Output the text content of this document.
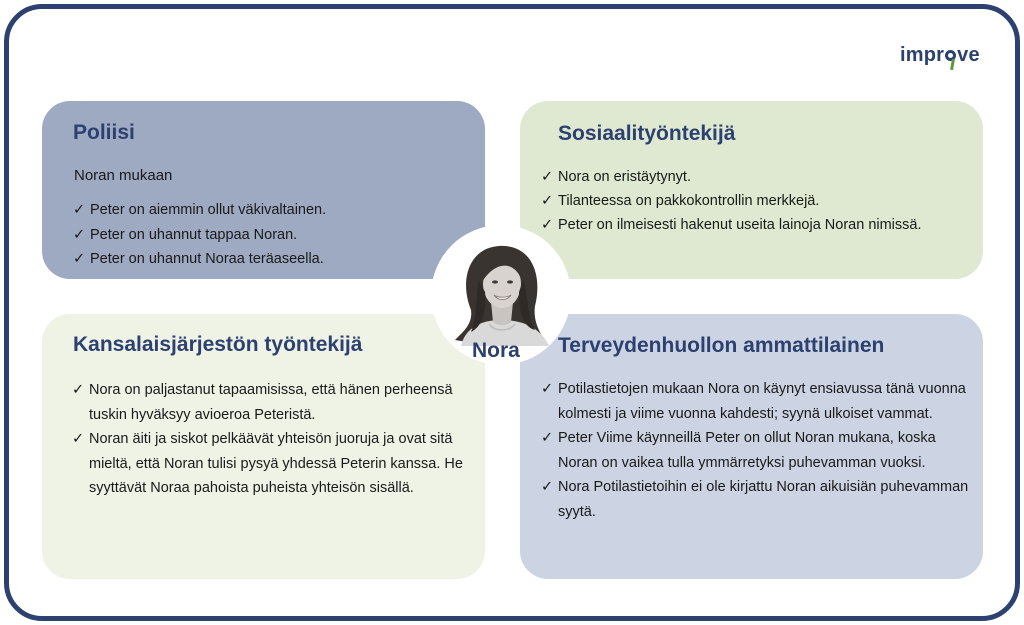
impr ve
Poliisi

Noran mukaan

✓ Peter on aiemmin ollut väkivaltainen.
✓ Peter on uhannut tappaa Noran.
✓ Peter on uhannut Noraa teräaseella.
Sosiaalityöntekijä
✓ Nora on eristäytynyt.
✓ Tilanteessa on pakkokontrollin merkkejä.
✓ Peter on ilmeisesti hakenut useita lainoja Noran nimissä.
Kansalaisjärjestön työntekijä
✓ Nora on paljastanut tapaamisissa, että hänen perheensä tuskin hyväksyy avioeroa Peteristä.
✓ Noran äiti ja siskot pelkäävät yhteisön juoruja ja ovat sitä mieltä, että Noran tulisi pysyä yhdessä Peterin kanssa. He syyttävät Noraa pahoista puheista yhteisön sisällä.
Terveydenhuollon ammattilainen
✓ Potilastietojen mukaan Nora on käynyt ensiavussa tänä vuonna kolmesti ja viime vuonna kahdesti; syynä ulkoiset vammat.
✓ Peter Viime käynneillä Peter on ollut Noran mukana, koska Noran on vaikea tulla ymmärretyksi puhevamman vuoksi.
✓ Nora Potilastietoihin ei ole kirjattu Noran aikuisiän puhevamman syytä.
Nora
